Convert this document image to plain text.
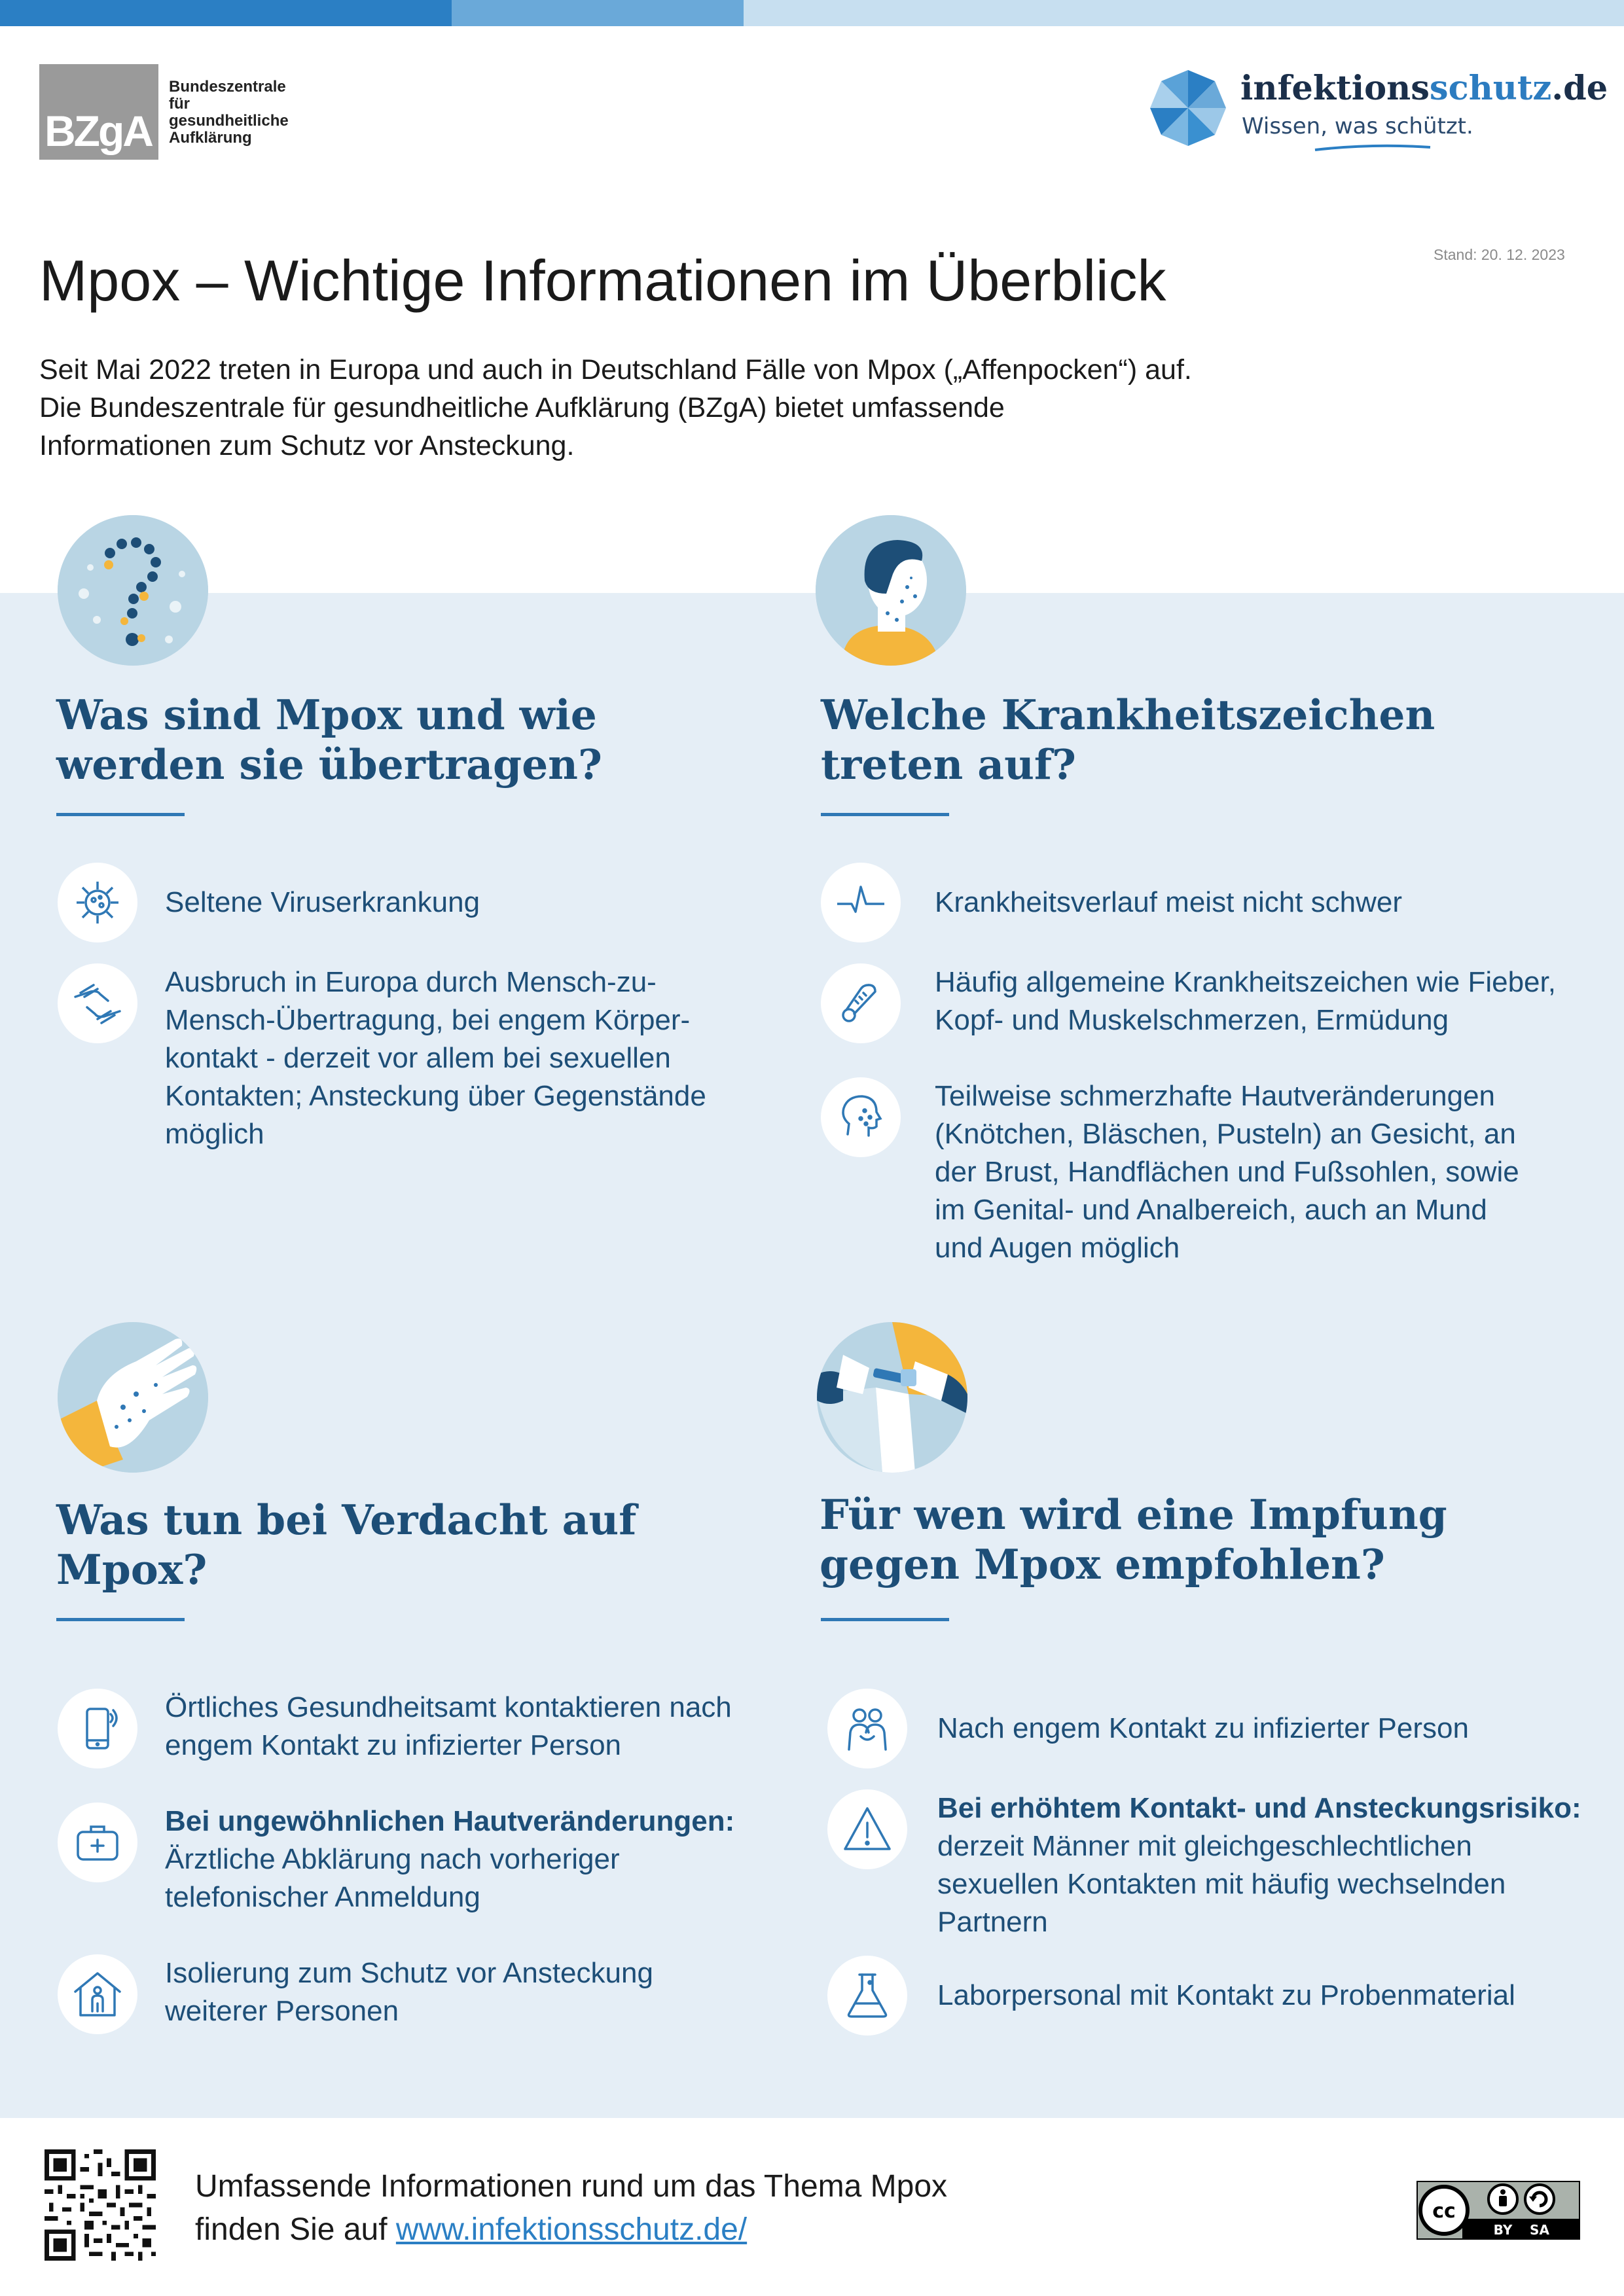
BZgA
Bundeszentrale
für
gesundheitliche
Aufklärung
infektionsschutz.de
Wissen, was schützt.
Stand: 20. 12. 2023
Mpox – Wichtige Informationen im Überblick
Seit Mai 2022 treten in Europa und auch in Deutschland Fälle von Mpox („Affenpocken“) auf.
Die Bundeszentrale für gesundheitliche Aufklärung (BZgA) bietet umfassende
Informationen zum Schutz vor Ansteckung.
Was sind Mpox und wie
werden sie übertragen?

Seltene Viruserkrankung

Ausbruch in Europa durch Mensch-zu-
Mensch-Übertragung, bei engem Körper-
kontakt - derzeit vor allem bei sexuellen
Kontakten; Ansteckung über Gegenstände
möglich

Welche Krankheitszeichen
treten auf?

Krankheitsverlauf meist nicht schwer

Häufig allgemeine Krankheitszeichen wie Fieber,
Kopf- und Muskelschmerzen, Ermüdung

Teilweise schmerzhafte Hautveränderungen
(Knötchen, Bläschen, Pusteln) an Gesicht, an
der Brust, Handflächen und Fußsohlen, sowie
im Genital- und Analbereich, auch an Mund
und Augen möglich

Was tun bei Verdacht auf
Mpox?

Örtliches Gesundheitsamt kontaktieren nach
engem Kontakt zu infizierter Person

Bei ungewöhnlichen Hautveränderungen:
Ärztliche Abklärung nach vorheriger
telefonischer Anmeldung

Isolierung zum Schutz vor Ansteckung
weiterer Personen

Für wen wird eine Impfung
gegen Mpox empfohlen?

Nach engem Kontakt zu infizierter Person

Bei erhöhtem Kontakt- und Ansteckungsrisiko:
derzeit Männer mit gleichgeschlechtlichen
sexuellen Kontakten mit häufig wechselnden
Partnern

Laborpersonal mit Kontakt zu Probenmaterial

Umfassende Informationen rund um das Thema Mpox
finden Sie auf www.infektionsschutz.de/
cc
BY SA
